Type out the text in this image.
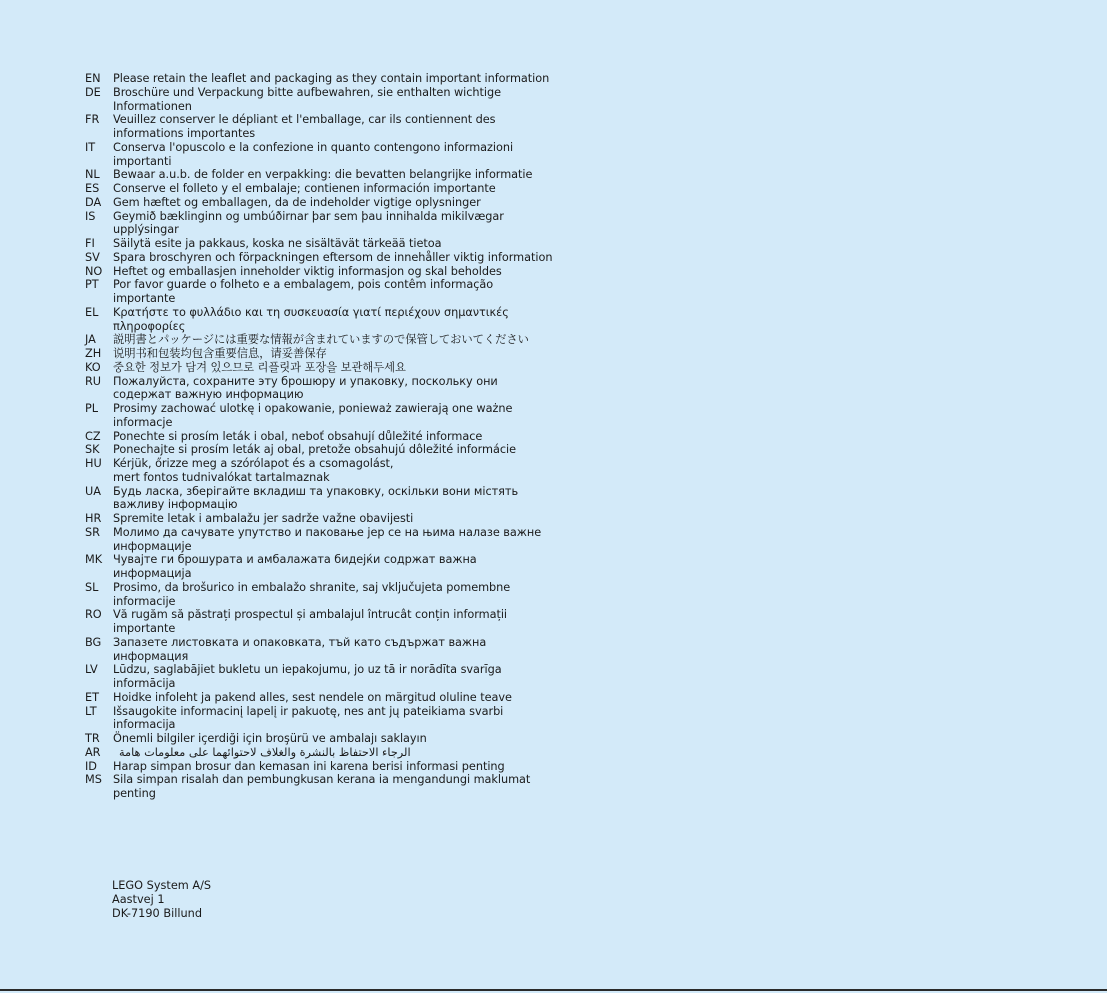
EN	Please retain the leaflet and packaging as they contain important information
DE	Broschüre und Verpackung bitte aufbewahren, sie enthalten wichtige Informationen
FR	Veuillez conserver le dépliant et l'emballage, car ils contiennent des informations importantes
IT	Conserva l'opuscolo e la confezione in quanto contengono informazioni importanti
NL	Bewaar a.u.b. de folder en verpakking: die bevatten belangrijke informatie
ES	Conserve el folleto y el embalaje; contienen información importante
DA	Gem hæftet og emballagen, da de indeholder vigtige oplysninger
IS	Geymið bæklinginn og umbúðirnar þar sem þau innihalda mikilvægar upplýsingar
FI	Säilytä esite ja pakkaus, koska ne sisältävät tärkeää tietoa
SV	Spara broschyren och förpackningen eftersom de innehåller viktig information
NO Heftet og emballasjen inneholder viktig informasjon og skal beholdes
PT	Por favor guarde o folheto e a embalagem, pois contêm informação importante
EL	Κρατήστε το φυλλάδιο και τη συσκευασία γιατί περιέχουν σημαντικές πληροφορίες
JA	説明書とパッケージには重要な情報が含まれていますので保管しておいてください
ZH	说明书和包装均包含重要信息，请妥善保存
KO	중요한 정보가 담겨 있으므로 리플릿과 포장을 보관해두세요
RU	Пожалуйста, сохраните эту брошюру и упаковку, поскольку они содержат важную информацию
PL	Prosimy zachować ulotkę i opakowanie, ponieważ zawierają one ważne informacje
CZ	Ponechte si prosím leták i obal, neboť obsahují důležité informace
SK	Ponechajte si prosím leták aj obal, pretože obsahujú dôležité informácie
HU	Kérjük, őrizze meg a szórólapot és a csomagolást,
mert fontos tudnivalókat tartalmaznak
UA	Будь ласка, зберігайте вкладиш та упаковку, оскільки вони містять важливу інформацію
HR	Spremite letak i ambalažu jer sadrže važne obavijesti
SR	Молимо да сачувате упутство и паковање јер се на њима налазе важне информације
MK Чувајте ги брошурата и амбалажата бидејќи содржат важна информација
SL	Prosimo, da brošurico in embalažo shranite, saj vključujeta pomembne informacije
RO	Vă rugăm să păstrați prospectul și ambalajul întrucât conțin informații importante
BG	Запазете листовката и опаковката, тъй като съдържат важна информация
LV	Lūdzu, saglabājiet bukletu un iepakojumu, jo uz tā ir norādīta svarīga informācija
ET	Hoidke infoleht ja pakend alles, sest nendele on märgitud oluline teave
LT	Išsaugokite informacinį lapelį ir pakuotę, nes ant jų pateikiama svarbi informacija
TR	Önemli bilgiler içerdiği için broşürü ve ambalajı saklayın
AR	الرجاء الاحتفاظ بالنشرة والغلاف لاحتوائهما على معلومات هامة
ID	Harap simpan brosur dan kemasan ini karena berisi informasi penting
MS Sila simpan risalah dan pembungkusan kerana ia mengandungi maklumat penting
LEGO System A/S
Aastvej 1
DK-7190 Billund
